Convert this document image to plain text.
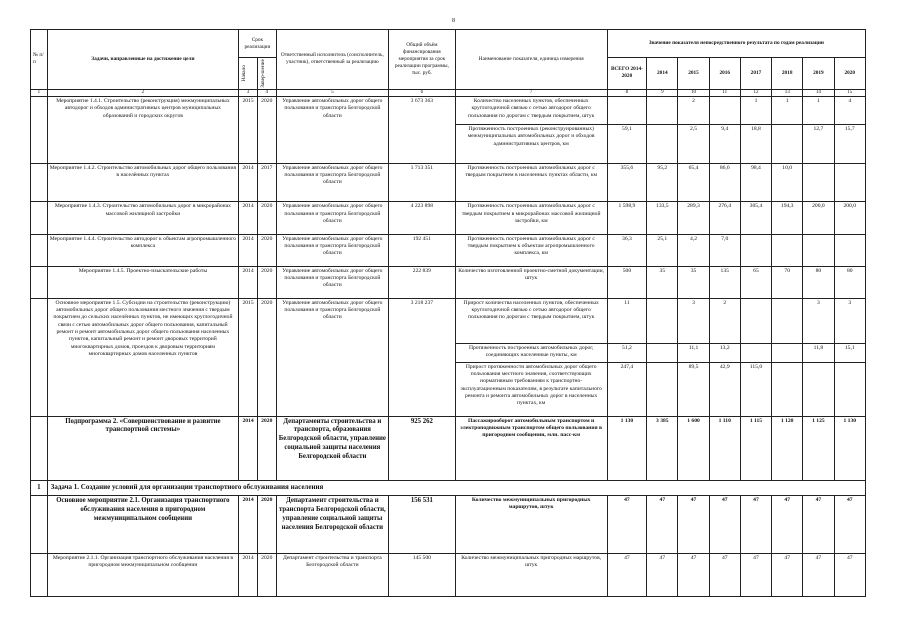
8
№ п/п	Задачи, направленные на достижение цели	Срок реализации		Ответственный исполнитель (соисполнитель, участник), ответственный за реализацию	Общий объём финансирования мероприятия за срок реализации программы, тыс. руб.	Наименование показателя, единица измерения	Значение показателя непосредственного результата по годам реализации							

		Начало	Завер-шение				ВСЕГО 2014-2020	2014	2015	2016	2017	2018	2019	2020
1	2	3	4	5	6	7	8	9	10	11	12	13	14	15
	Мероприятие 1.4.1. Строительство (реконструкция) межмуниципальных автодорог и обходов административных центров муниципальных образований и городских округов	2015	2020	Управление автомобильных дорог общего пользования и транспорта Белгородской области	3 673 363	Количество населенных пунктов, обеспеченных круглогодичной связью с сетью автодорог общего пользования по дорогам с твердым покрытием, штук			2		1	1	1	4
						Протяженность построенных (реконструированных) межмуниципальных автомобильных дорог и обходов административных центров, км	59,1		2,5	9,4	18,8		12,7	15,7
	Мероприятие 1.4.2. Строительство автомобильных дорог общего пользования в населённых пунктах	2014	2017	Управление автомобильных дорог общего пользования и транспорта Белгородской области	1 713 351	Протяженность построенных автомобильных дорог с твердым покрытием в населенных пунктах области, км	355,6	95,2	65,4	86,6	98,4	10,0		
	Мероприятие 1.4.3. Строительство автомобильных дорог в микрорайонах массовой жилищной застройки	2014	2020	Управление автомобильных дорог общего пользования и транспорта Белгородской области	4 223 898	Протяженность построенных автомобильных дорог с твердым покрытием в микрорайонах массовой жилищной застройки, км	1 598,9	133,5	289,3	276,4	305,4	194,3	200,0	200,0
	Мероприятие 1.4.4. Строительство автодорог к объектам агропромышленного комплекса	2014	2020	Управление автомобильных дорог общего пользования и транспорта Белгородской области	192 451	Протяженность построенных автомобильных дорог с твердым покрытием к объектам агропромышленного комплекса, км	36,3	25,1	4,2	7,0				
	Мероприятие 1.4.5. Проектно-изыскательские работы	2014	2020	Управление автомобильных дорог общего пользования и транспорта Белгородской области	222 839	Количество изготовленной проектно-сметной документации, штук	500	35	35	135	65	70	80	80
	Основное мероприятие 1.5. Субсидии на строительство (реконструкцию) автомобильных дорог общего пользования местного значения с твердым покрытием до сельских населённых пунктов, не имеющих круглогодичной связи с сетью автомобильных дорог общего пользования, капитальный ремонт и ремонт автомобильных дорог общего пользования населенных пунктов, капитальный ремонт и ремонт дворовых территорий многоквартирных домов, проездов к дворовым территориям многоквартирных домов населенных пунктов	2015	2020	Управление автомобильных дорог общего пользования и транспорта Белгородской области	3 218 237	Прирост количества населенных пунктов, обеспеченных круглогодичной связью с сетью автодорог общего пользования по дорогам с твердым покрытием, штук	11		3	2			3	3
						Протяженность построенных автомобильных дорог, соединяющих населенные пункты, км	51,2		11,1	13,2			11,8	15,1
						Прирост протяженности автомобильных дорог общего пользования местного значения, соответствующих нормативным требованиям к транспортно-эксплуатационным показателям, в результате капитального ремонта и ремонта автомобильных дорог в населенных пунктах, км	247,4		89,5	42,9	115,0			
	Подпрограмма 2. «Совершенствование и развитие транспортной системы»	2014	2020	Департаменты строительства и транспорта, образования Белгородской области, управление социальной защиты населения Белгородской области	925 262	Пассажирооборот автомобильным транспортом и электроподвижным транспортом общего пользования в пригородном сообщении, млн. пасс-км	1 130	3 385	1 600	1 110	1 115	1 120	1 125	1 130
1	Задача 1. Создание условий для организации транспортного обслуживания населения													
	Основное мероприятие 2.1. Организация транспортного обслуживания населения в пригородном межмуниципальном сообщении	2014	2020	Департамент строительства и транспорта Белгородской области, управление социальной защиты населения Белгородской области	156 531	Количество межмуниципальных пригородных маршрутов, штук	47	47	47	47	47	47	47	47
	Мероприятие 2.1.1. Организация транспортного обслуживания населения в пригородном межмуниципальном сообщении	2014	2020	Департамент строительства и транспорта Белгородской области	145 500	Количество межмуниципальных пригородных маршрутов, штук	47	47	47	47	47	47	47	47
